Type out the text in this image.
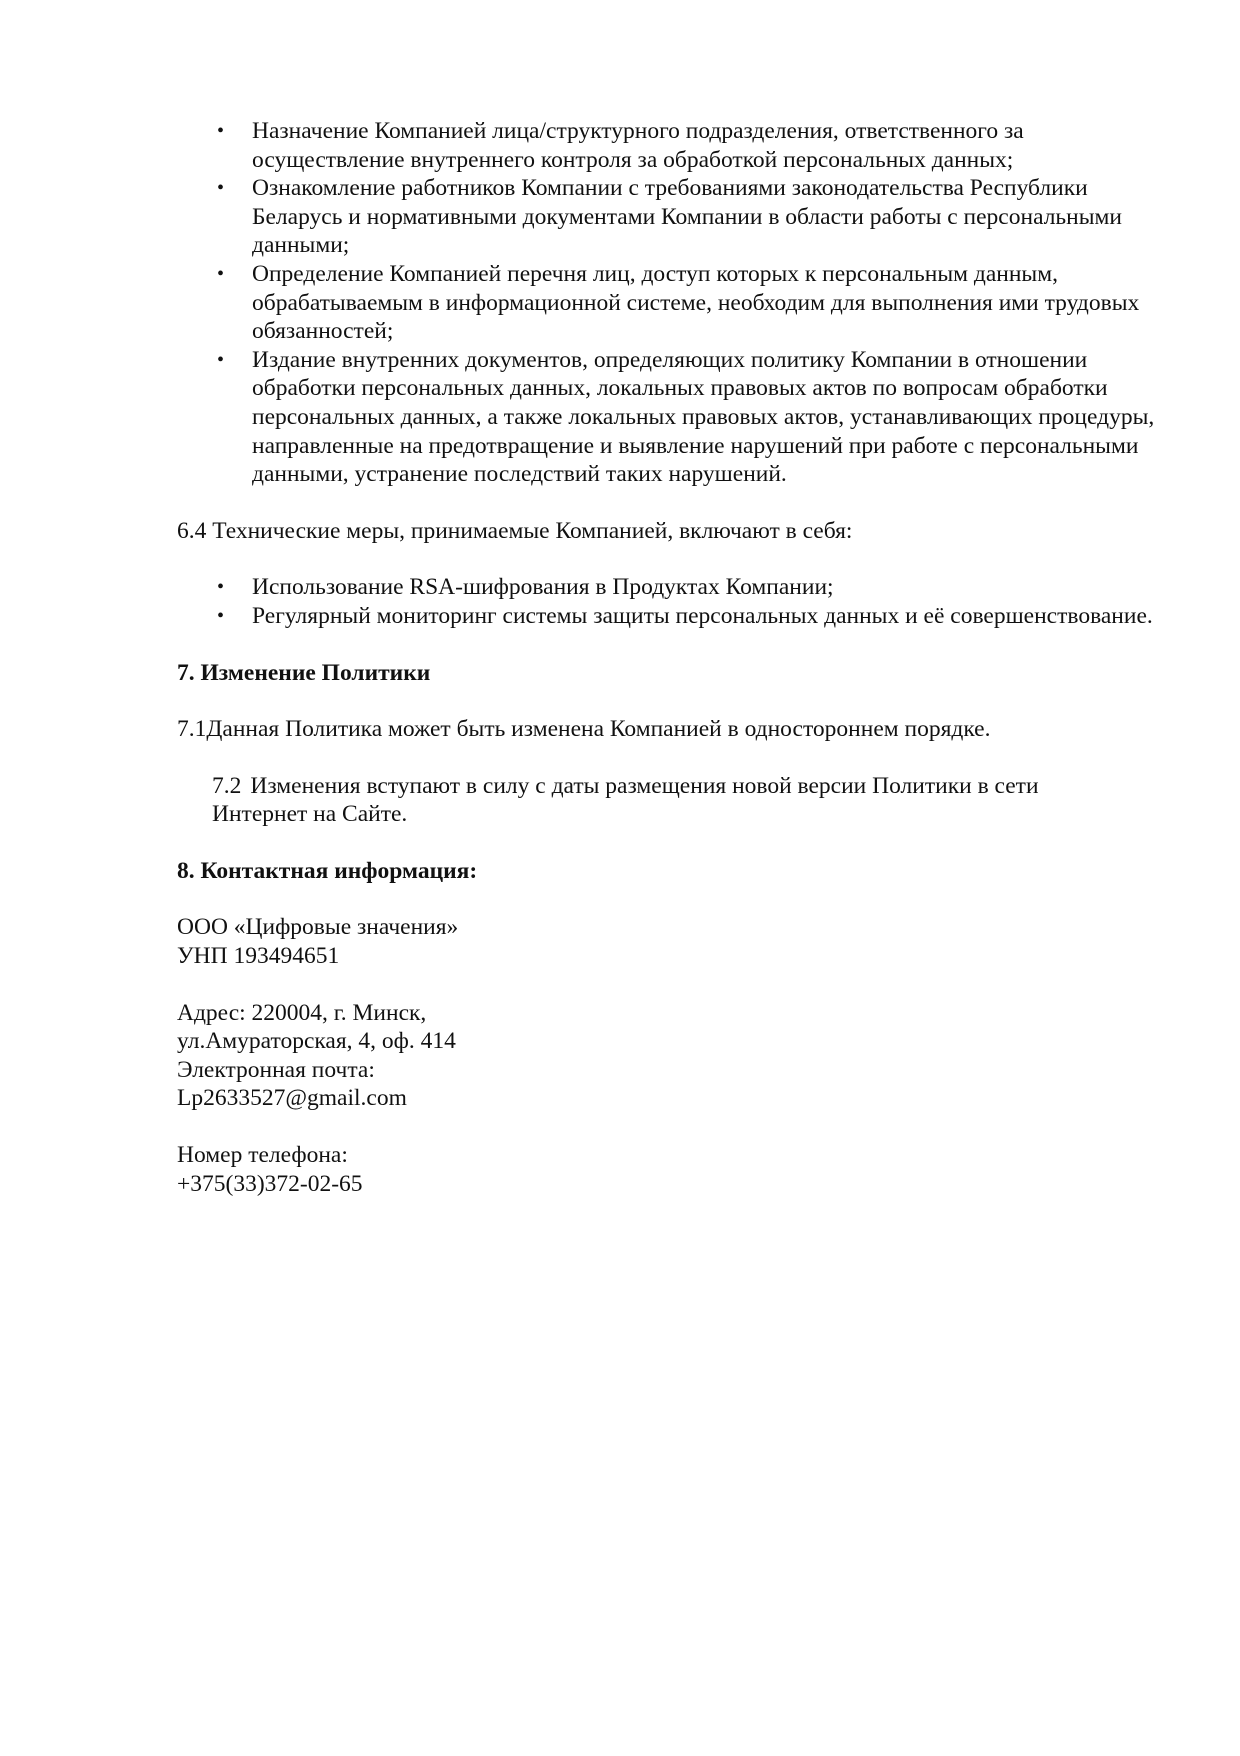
• Назначение Компанией лица/структурного подразделения, ответственного за осуществление внутреннего контроля за обработкой персональных данных;
• Ознакомление работников Компании с требованиями законодательства Республики Беларусь и нормативными документами Компании в области работы с персональными данными;
• Определение Компанией перечня лиц, доступ которых к персональным данным, обрабатываемым в информационной системе, необходим для выполнения ими трудовых обязанностей;
• Издание внутренних документов, определяющих политику Компании в отношении обработки персональных данных, локальных правовых актов по вопросам обработки персональных данных, а также локальных правовых актов, устанавливающих процедуры, направленные на предотвращение и выявление нарушений при работе с персональными данными, устранение последствий таких нарушений.

6.4 Технические меры, принимаемые Компанией, включают в себя:

• Использование RSA-шифрования в Продуктах Компании;
• Регулярный мониторинг системы защиты персональных данных и её совершенствование.

7. Изменение Политики

7.1Данная Политика может быть изменена Компанией в одностороннем порядке.

7.2 Изменения вступают в силу с даты размещения новой версии Политики в сети Интернет на Сайте.

8. Контактная информация:

ООО «Цифровые значения»

УНП 193494651

Адрес: 220004, г. Минск,

ул.Амураторская, 4, оф. 414

Электронная почта:

Lp2633527@gmail.com

Номер телефона:

+375(33)372-02-65
